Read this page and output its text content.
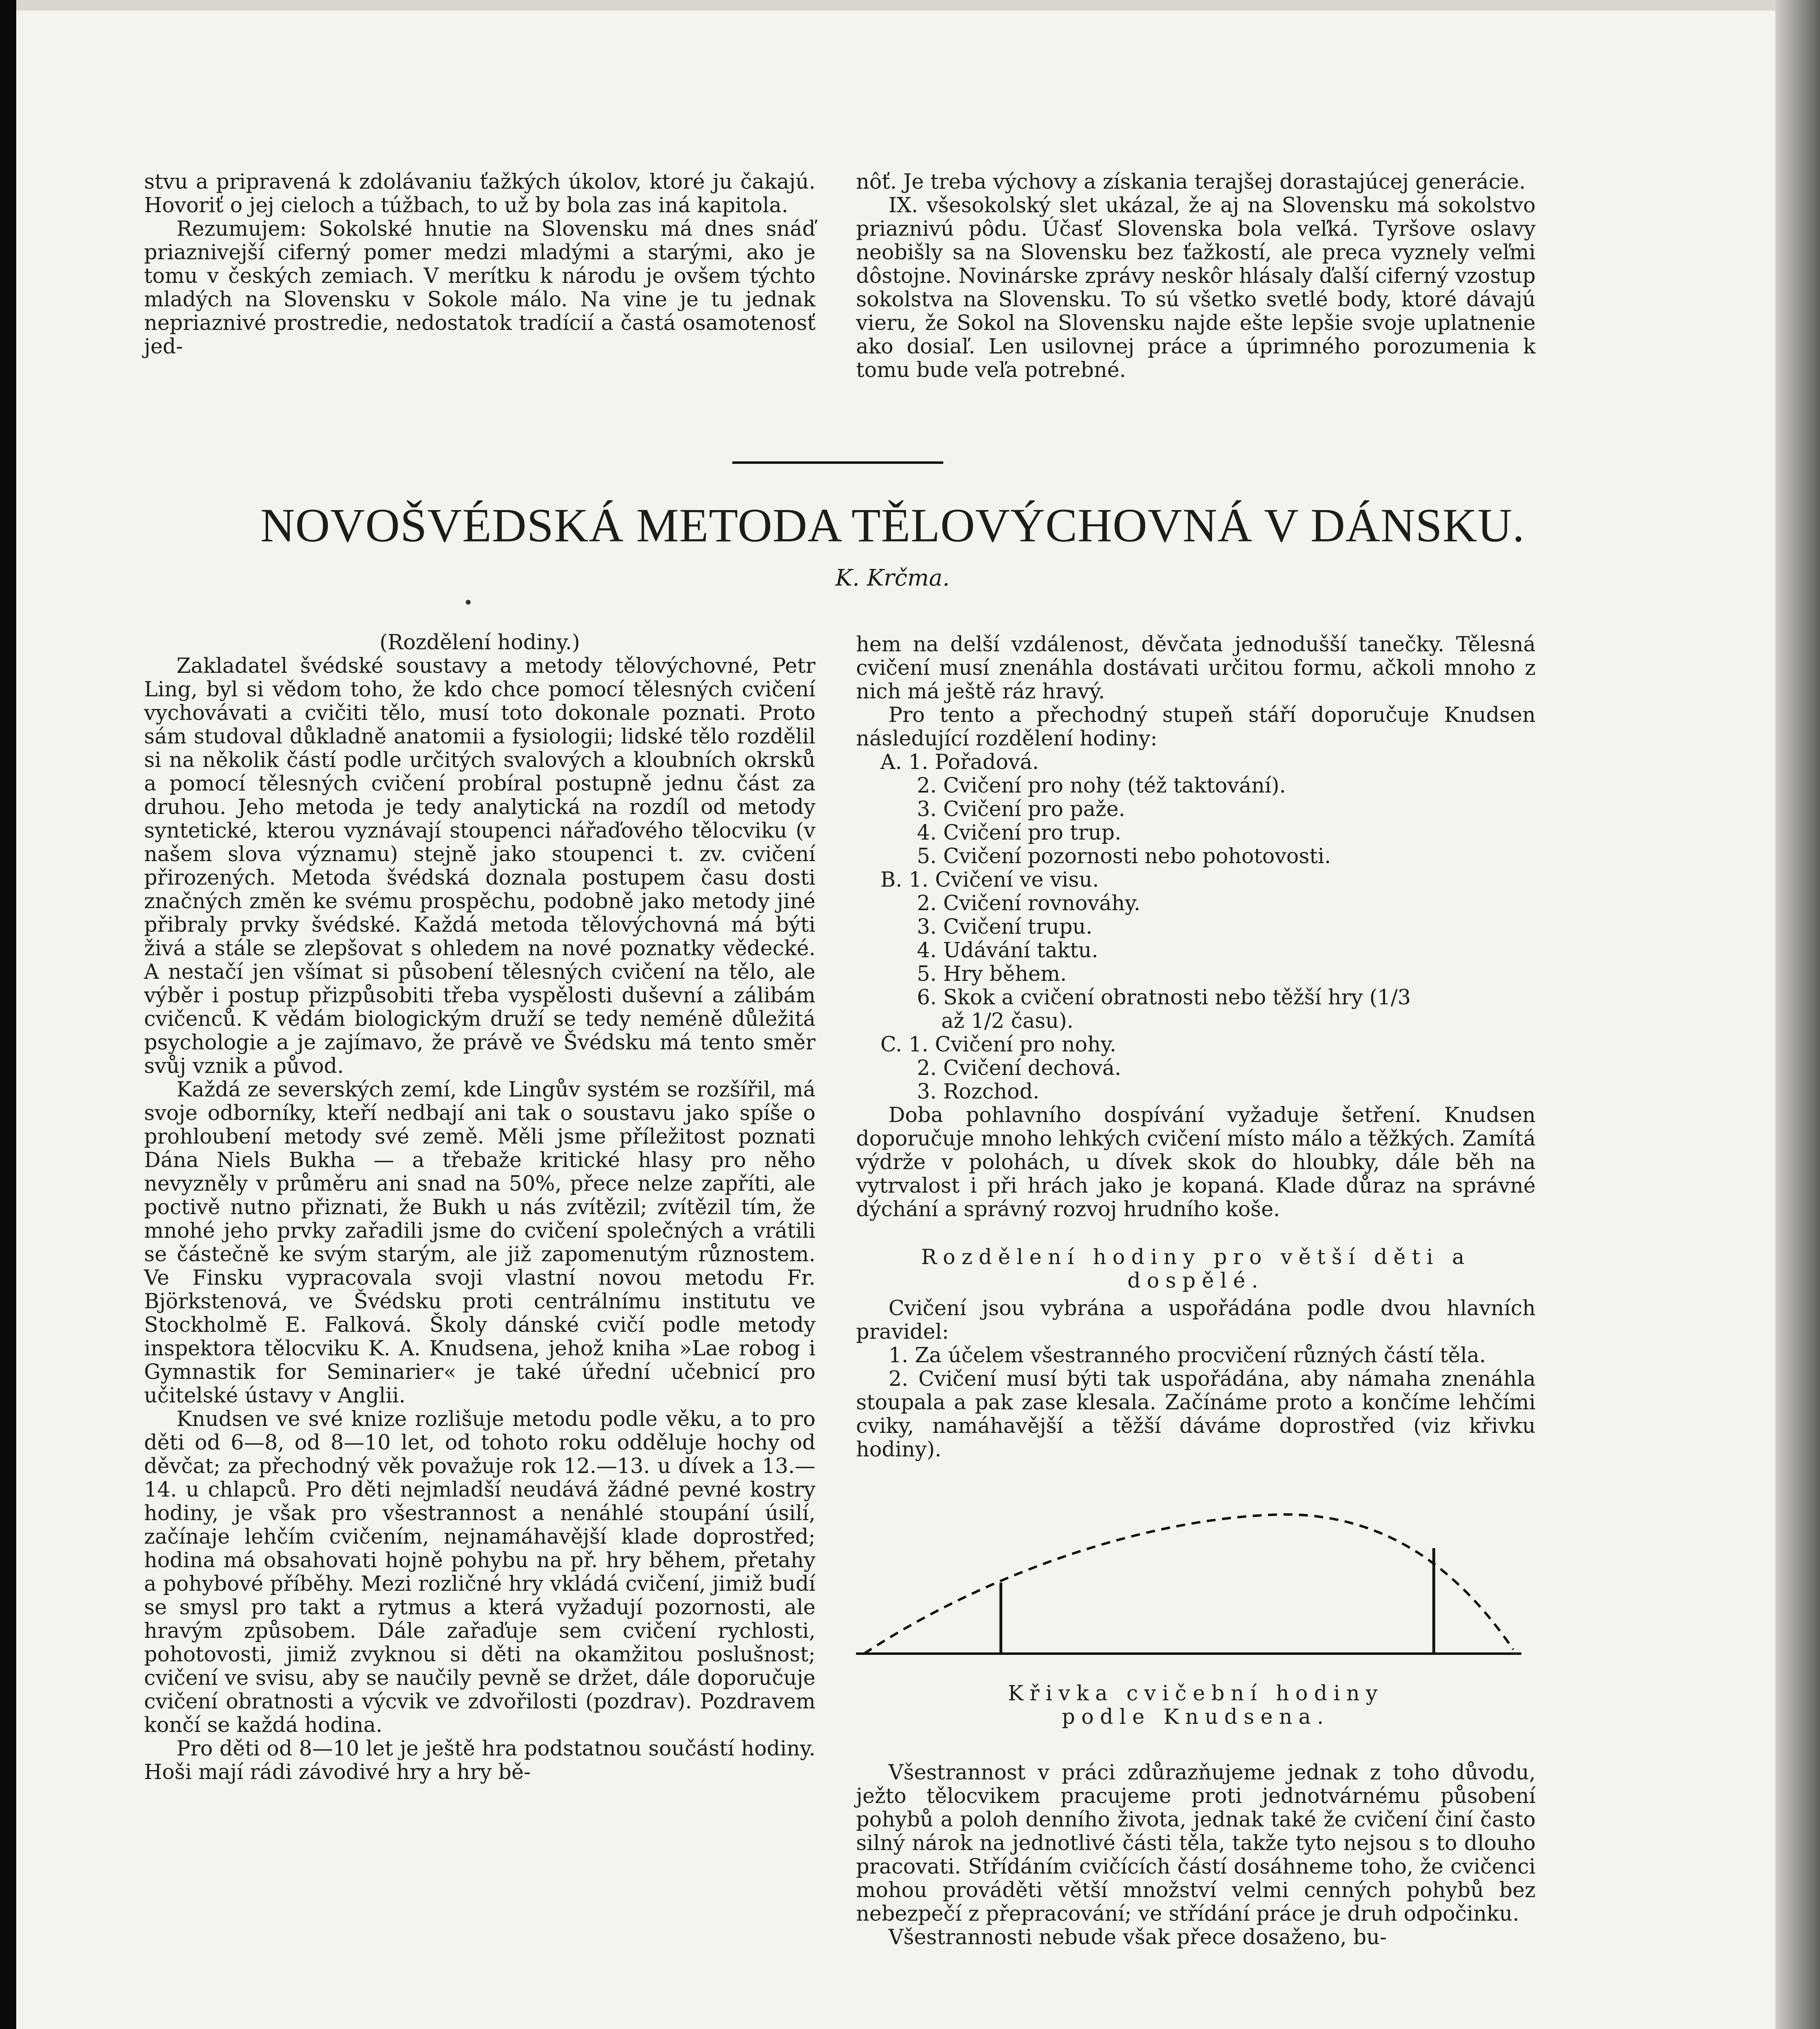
stvu a pripravená k zdolávaniu ťažkých úkolov, ktoré ju čakajú. Hovoriť o jej cieloch a túžbach, to už by bola zas iná kapitola.

Rezumujem: Sokolské hnutie na Slovensku má dnes snáď priaznivejší ciferný pomer medzi mladými a starými, ako je tomu v českých zemiach. V merítku k národu je ovšem týchto mladých na Slovensku v Sokole málo. Na vine je tu jednak nepriaznivé prostredie, nedostatok tradícií a častá osamotenosť jed-

nôť. Je treba výchovy a získania terajšej dorastajúcej generácie.

IX. všesokolský slet ukázal, že aj na Slovensku má sokolstvo priaznivú pôdu. Účasť Slovenska bola veľká. Tyršove oslavy neobišly sa na Slovensku bez ťažkostí, ale preca vyznely veľmi dôstojne. Novinárske zprávy neskôr hlásaly ďalší ciferný vzostup sokolstva na Slovensku. To sú všetko svetlé body, ktoré dávajú vieru, že Sokol na Slovensku najde ešte lepšie svoje uplatnenie ako dosiaľ. Len usilovnej práce a úprimného porozumenia k tomu bude veľa potrebné.

NOVOŠVÉDSKÁ METODA TĚLOVÝCHOVNÁ V DÁNSKU.
K. Krčma.

(Rozdělení hodiny.)

Zakladatel švédské soustavy a metody tělovýchovné, Petr Ling, byl si vědom toho, že kdo chce pomocí tělesných cvičení vychovávati a cvičiti tělo, musí toto dokonale poznati. Proto sám studoval důkladně anatomii a fysiologii; lidské tělo rozdělil si na několik částí podle určitých svalových a kloubních okrsků a pomocí tělesných cvičení probíral postupně jednu část za druhou. Jeho metoda je tedy analytická na rozdíl od metody syntetické, kterou vyznávají stoupenci nářaďového tělocviku (v našem slova významu) stejně jako stoupenci t. zv. cvičení přirozených. Metoda švédská doznala postupem času dosti značných změn ke svému prospěchu, podobně jako metody jiné přibraly prvky švédské. Každá metoda tělovýchovná má býti živá a stále se zlepšovat s ohledem na nové poznatky vědecké. A nestačí jen všímat si působení tělesných cvičení na tělo, ale výběr i postup přizpůsobiti třeba vyspělosti duševní a zálibám cvičenců. K vědám biologickým druží se tedy neméně důležitá psychologie a je zajímavo, že právě ve Švédsku má tento směr svůj vznik a původ.

Každá ze severských zemí, kde Lingův systém se rozšířil, má svoje odborníky, kteří nedbají ani tak o soustavu jako spíše o prohloubení metody své země. Měli jsme příležitost poznati Dána Niels Bukha — a třebaže kritické hlasy pro něho nevyzněly v průměru ani snad na 50%, přece nelze zapříti, ale poctivě nutno přiznati, že Bukh u nás zvítězil; zvítězil tím, že mnohé jeho prvky zařadili jsme do cvičení společných a vrátili se částečně ke svým starým, ale již zapomenutým různostem. Ve Finsku vypracovala svoji vlastní novou metodu Fr. Björkstenová, ve Švédsku proti centrálnímu institutu ve Stockholmě E. Falková. Školy dánské cvičí podle metody inspektora tělocviku K. A. Knudsena, jehož kniha »Lae robog i Gymnastik for Seminarier« je také úřední učebnicí pro učitelské ústavy v Anglii.

Knudsen ve své knize rozlišuje metodu podle věku, a to pro děti od 6—8, od 8—10 let, od tohoto roku odděluje hochy od děvčat; za přechodný věk považuje rok 12.—13. u dívek a 13.—14. u chlapců. Pro děti nejmladší neudává žádné pevné kostry hodiny, je však pro všestrannost a nenáhlé stoupání úsilí, začínaje lehčím cvičením, nejnamáhavější klade doprostřed; hodina má obsahovati hojně pohybu na př. hry během, přetahy a pohybové příběhy. Mezi rozličné hry vkládá cvičení, jimiž budí se smysl pro takt a rytmus a která vyžadují pozornosti, ale hravým způsobem. Dále zařaďuje sem cvičení rychlosti, pohotovosti, jimiž zvyknou si děti na okamžitou poslušnost; cvičení ve svisu, aby se naučily pevně se držet, dále doporučuje cvičení obratnosti a výcvik ve zdvořilosti (pozdrav). Pozdravem končí se každá hodina.

Pro děti od 8—10 let je ještě hra podstatnou součástí hodiny. Hoši mají rádi závodivé hry a hry bě-

hem na delší vzdálenost, děvčata jednodušší tanečky. Tělesná cvičení musí znenáhla dostávati určitou formu, ačkoli mnoho z nich má ještě ráz hravý.

Pro tento a přechodný stupeň stáří doporučuje Knudsen následující rozdělení hodiny:

A. 1. Pořadová.

2. Cvičení pro nohy (též taktování).

3. Cvičení pro paže.

4. Cvičení pro trup.

5. Cvičení pozornosti nebo pohotovosti.

B. 1. Cvičení ve visu.

2. Cvičení rovnováhy.

3. Cvičení trupu.

4. Udávání taktu.

5. Hry během.

6. Skok a cvičení obratnosti nebo těžší hry (1/3

až 1/2 času).

C. 1. Cvičení pro nohy.

2. Cvičení dechová.

3. Rozchod.

Doba pohlavního dospívání vyžaduje šetření. Knudsen doporučuje mnoho lehkých cvičení místo málo a těžkých. Zamítá výdrže v polohách, u dívek skok do hloubky, dále běh na vytrvalost i při hrách jako je kopaná. Klade důraz na správné dýchání a správný rozvoj hrudního koše.

Rozdělení hodiny pro větší děti a dospělé.

Cvičení jsou vybrána a uspořádána podle dvou hlavních pravidel:

1. Za účelem všestranného procvičení různých částí těla.

2. Cvičení musí býti tak uspořádána, aby námaha znenáhla stoupala a pak zase klesala. Začínáme proto a končíme lehčími cviky, namáhavější a těžší dáváme doprostřed (viz křivku hodiny).

Křivka cvičební hodiny podle Knudsena.

Všestrannost v práci zdůrazňujeme jednak z toho důvodu, ježto tělocvikem pracujeme proti jednotvárnému působení pohybů a poloh denního života, jednak také že cvičení činí často silný nárok na jednotlivé části těla, takže tyto nejsou s to dlouho pracovati. Střídáním cvičících částí dosáhneme toho, že cvičenci mohou prováděti větší množství velmi cenných pohybů bez nebezpečí z přepracování; ve střídání práce je druh odpočinku.

Všestrannosti nebude však přece dosaženo, bu-
